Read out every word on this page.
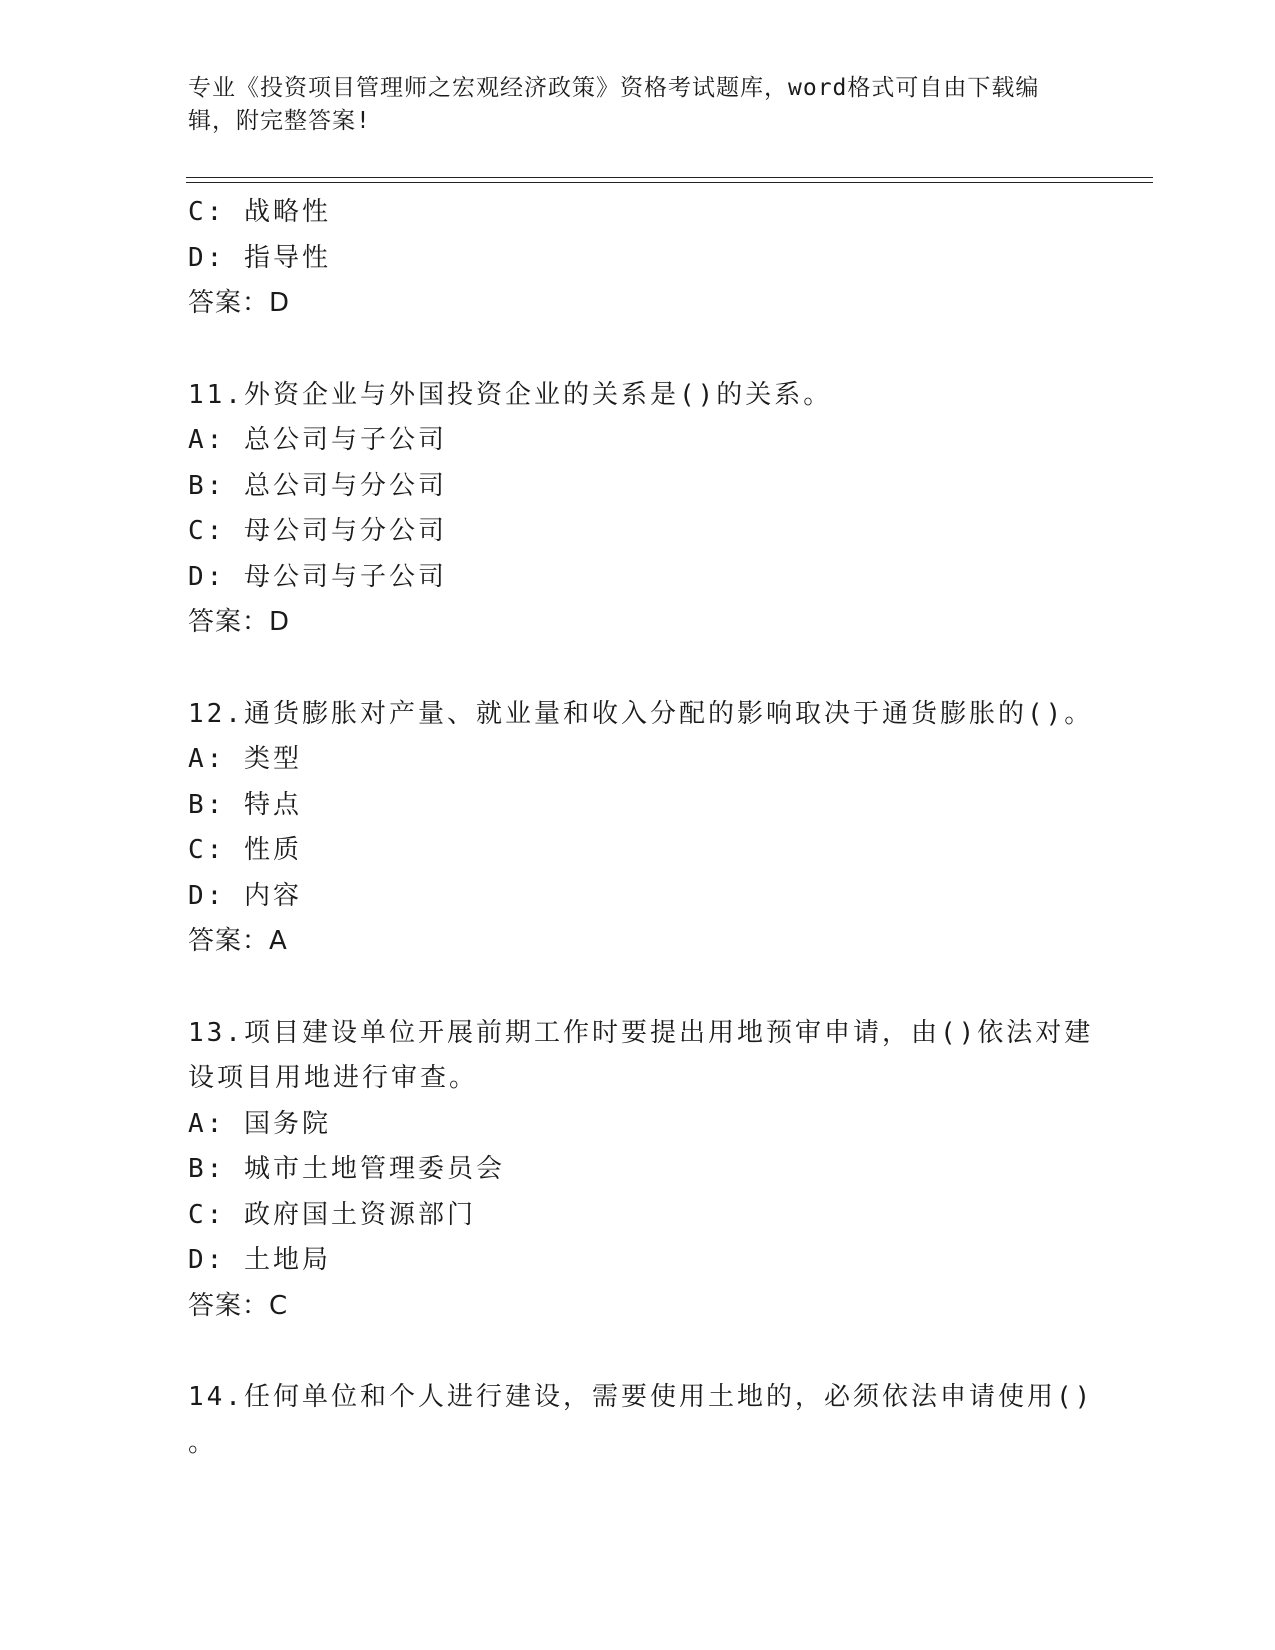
专业《投资项目管理师之宏观经济政策》资格考试题库，word格式可自由下载编
辑，附完整答案!
C: 战略性
D: 指导性
答案：D
11.外资企业与外国投资企业的关系是()的关系。
A: 总公司与子公司
B: 总公司与分公司
C: 母公司与分公司
D: 母公司与子公司
答案：D
12.通货膨胀对产量、就业量和收入分配的影响取决于通货膨胀的()。
A: 类型
B: 特点
C: 性质
D: 内容
答案：A
13.项目建设单位开展前期工作时要提出用地预审申请，由()依法对建
设项目用地进行审查。
A: 国务院
B: 城市土地管理委员会
C: 政府国土资源部门
D: 土地局
答案：C
14.任何单位和个人进行建设，需要使用土地的，必须依法申请使用()
。
